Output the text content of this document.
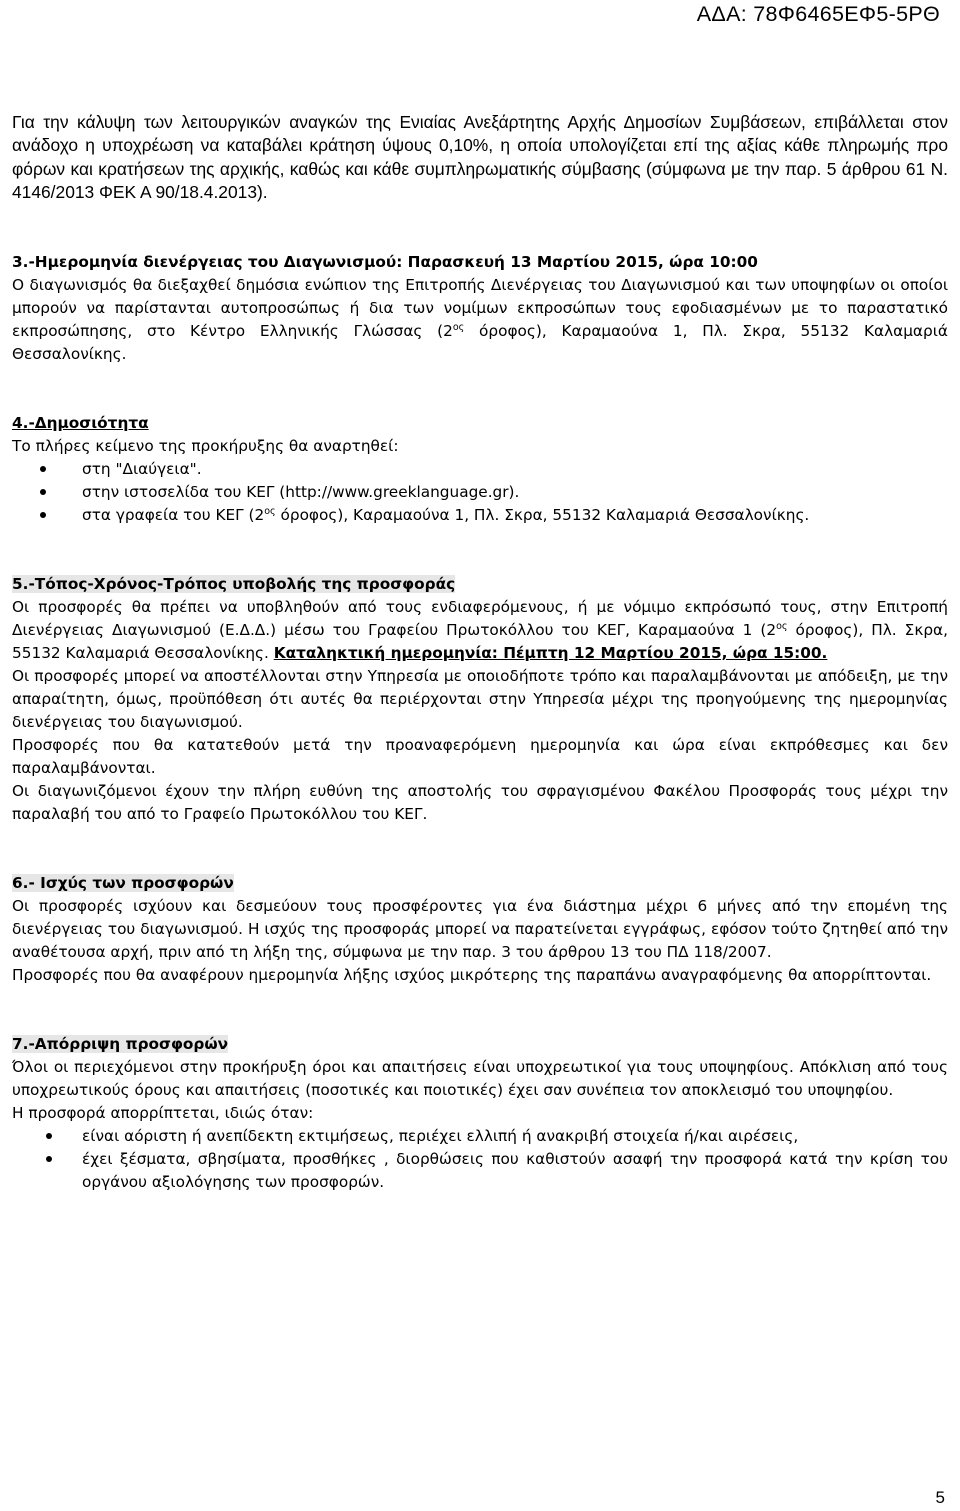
ΑΔΑ: 78Φ6465ΕΦ5-5ΡΘ

Για την κάλυψη των λειτουργικών αναγκών της Ενιαίας Ανεξάρτητης Αρχής Δημοσίων Συμβάσεων, επιβάλλεται στον ανάδοχο η υποχρέωση να καταβάλει κράτηση ύψους 0,10%, η οποία υπολογίζεται επί της αξίας κάθε πληρωμής προ φόρων και κρατήσεων της αρχικής, καθώς και κάθε συμπληρωματικής σύμβασης (σύμφωνα με την παρ. 5 άρθρου 61 Ν. 4146/2013 ΦΕΚ Α 90/18.4.2013).

3.-Ημερομηνία διενέργειας του Διαγωνισμού: Παρασκευή 13 Μαρτίου 2015, ώρα 10:00

Ο διαγωνισμός θα διεξαχθεί δημόσια ενώπιον της Επιτροπής Διενέργειας του Διαγωνισμού και των υποψηφίων οι οποίοι μπορούν να παρίστανται αυτοπροσώπως ή δια των νομίμων εκπροσώπων τους εφοδιασμένων με το παραστατικό εκπροσώπησης, στο Κέντρο Ελληνικής Γλώσσας ($2^{o\varsigma}$ όροφος), Καραμαούνα 1, Πλ. Σκρα, 55132 Καλαμαριά Θεσσαλονίκης.

4.-Δημοσιότητα

Το πλήρες κείμενο της προκήρυξης θα αναρτηθεί:

στη "Διαύγεια".
στην ιστοσελίδα του ΚΕΓ (http://www.greeklanguage.gr).
στα γραφεία του ΚΕΓ ($2^{o\varsigma}$ όροφος), Καραμαούνα 1, Πλ. Σκρα, 55132 Καλαμαριά Θεσσαλονίκης.

5.-Τόπος-Χρόνος-Τρόπος υποβολής της προσφοράς

Οι προσφορές θα πρέπει να υποβληθούν από τους ενδιαφερόμενους, ή με νόμιμο εκπρόσωπό τους, στην Επιτροπή Διενέργειας Διαγωνισμού (Ε.Δ.Δ.) μέσω του Γραφείου Πρωτοκόλλου του ΚΕΓ, Καραμαούνα 1 ($2^{o\varsigma}$ όροφος), Πλ. Σκρα, 55132 Καλαμαριά Θεσσαλονίκης. Καταληκτική ημερομηνία: Πέμπτη 12 Μαρτίου 2015, ώρα 15:00.

Οι προσφορές μπορεί να αποστέλλονται στην Υπηρεσία με οποιοδήποτε τρόπο και παραλαμβάνονται με απόδειξη, με την απαραίτητη, όμως, προϋπόθεση ότι αυτές θα περιέρχονται στην Υπηρεσία μέχρι της προηγούμενης της ημερομηνίας διενέργειας του διαγωνισμού.

Προσφορές που θα κατατεθούν μετά την προαναφερόμενη ημερομηνία και ώρα είναι εκπρόθεσμες και δεν παραλαμβάνονται.

Οι διαγωνιζόμενοι έχουν την πλήρη ευθύνη της αποστολής του σφραγισμένου Φακέλου Προσφοράς τους μέχρι την παραλαβή του από το Γραφείο Πρωτοκόλλου του ΚΕΓ.

6.- Ισχύς των προσφορών

Οι προσφορές ισχύουν και δεσμεύουν τους προσφέροντες για ένα διάστημα μέχρι 6 μήνες από την επομένη της διενέργειας του διαγωνισμού. Η ισχύς της προσφοράς μπορεί να παρατείνεται εγγράφως, εφόσον τούτο ζητηθεί από την αναθέτουσα αρχή, πριν από τη λήξη της, σύμφωνα με την παρ. 3 του άρθρου 13 του ΠΔ 118/2007.

Προσφορές που θα αναφέρουν ημερομηνία λήξης ισχύος μικρότερης της παραπάνω αναγραφόμενης θα απορρίπτονται.

7.-Απόρριψη προσφορών

Όλοι οι περιεχόμενοι στην προκήρυξη όροι και απαιτήσεις είναι υποχρεωτικοί για τους υποψηφίους. Απόκλιση από τους υποχρεωτικούς όρους και απαιτήσεις (ποσοτικές και ποιοτικές) έχει σαν συνέπεια τον αποκλεισμό του υποψηφίου.

Η προσφορά απορρίπτεται, ιδιώς όταν:

είναι αόριστη ή ανεπίδεκτη εκτιμήσεως, περιέχει ελλιπή ή ανακριβή στοιχεία ή/και αιρέσεις,
έχει ξέσματα, σβησίματα, προσθήκες , διορθώσεις που καθιστούν ασαφή την προσφορά κατά την κρίση του οργάνου αξιολόγησης των προσφορών.
5
